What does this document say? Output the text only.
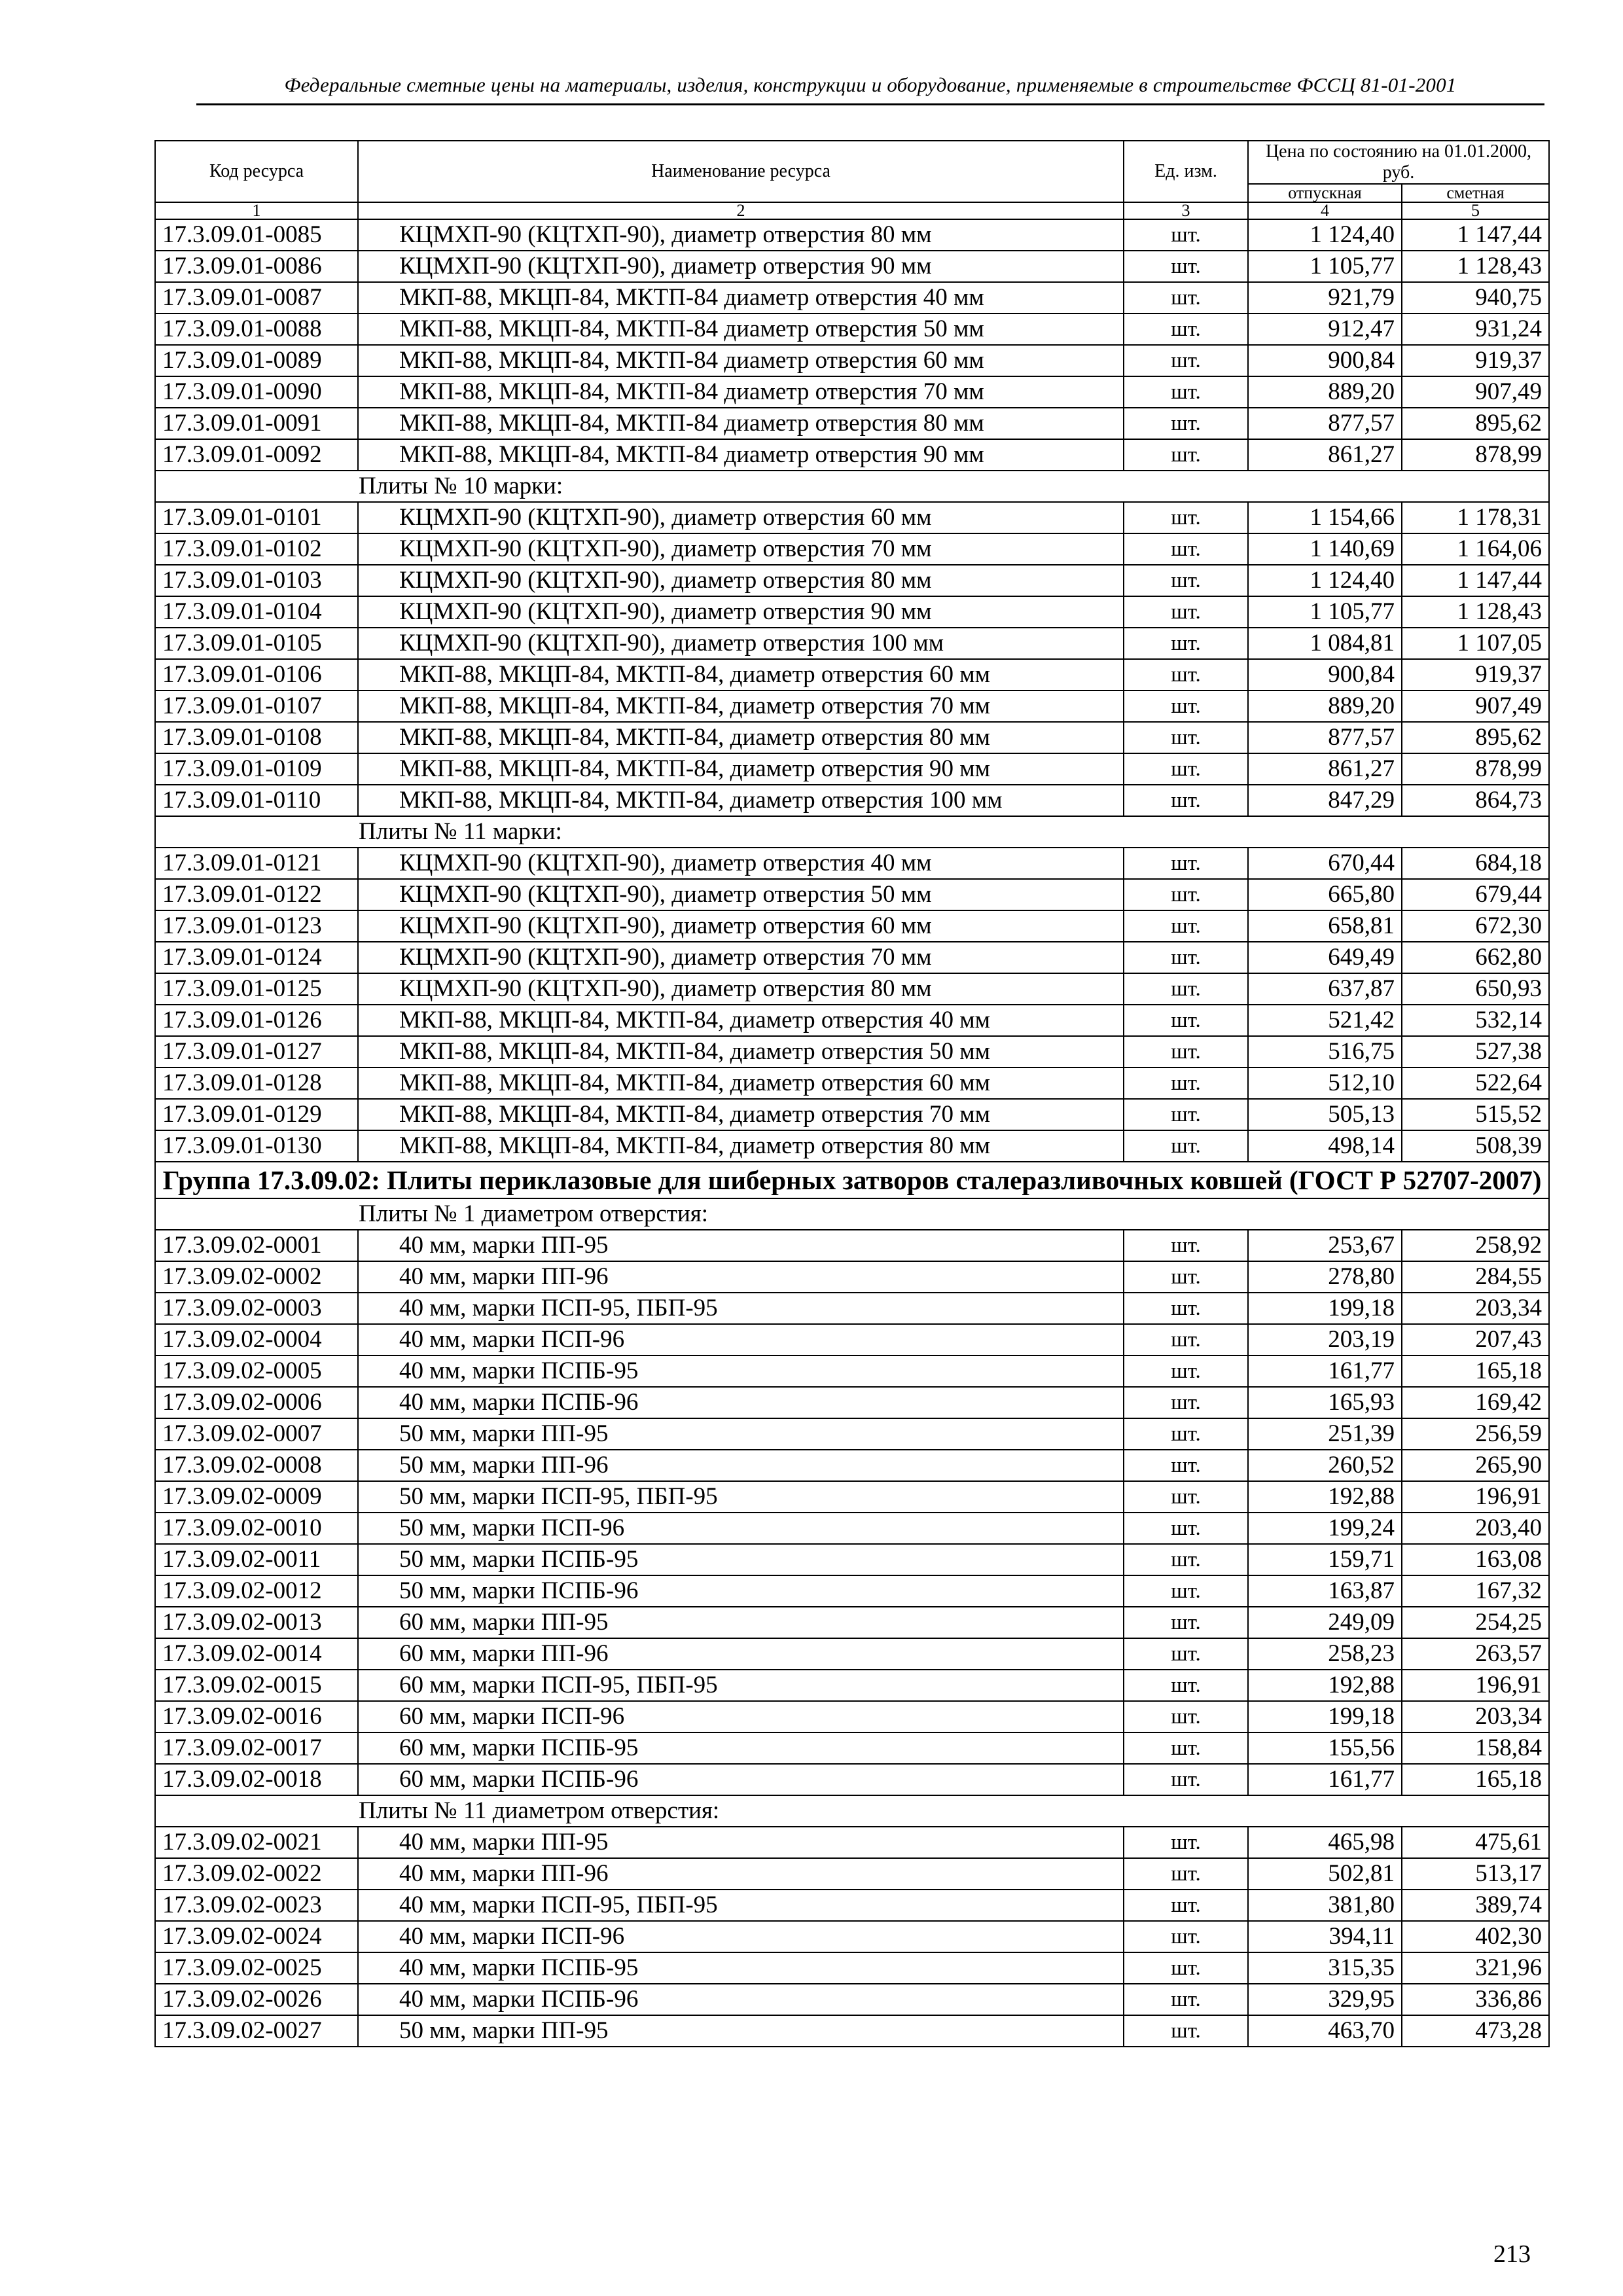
Федеральные сметные цены на материалы, изделия, конструкции и оборудование, применяемые в строительстве ФССЦ 81-01-2001
Код ресурса	Наименование ресурса	Ед. изм.	Цена по состоянию на 01.01.2000, руб.	
			отпускная	сметная
1	2	3	4	5
17.3.09.01-0085	КЦМХП-90 (КЦТХП-90), диаметр отверстия 80 мм	шт.	1 124,40	1 147,44
17.3.09.01-0086	КЦМХП-90 (КЦТХП-90), диаметр отверстия 90 мм	шт.	1 105,77	1 128,43
17.3.09.01-0087	МКП-88, МКЦП-84, МКТП-84 диаметр отверстия 40 мм	шт.	921,79	940,75
17.3.09.01-0088	МКП-88, МКЦП-84, МКТП-84 диаметр отверстия 50 мм	шт.	912,47	931,24
17.3.09.01-0089	МКП-88, МКЦП-84, МКТП-84 диаметр отверстия 60 мм	шт.	900,84	919,37
17.3.09.01-0090	МКП-88, МКЦП-84, МКТП-84 диаметр отверстия 70 мм	шт.	889,20	907,49
17.3.09.01-0091	МКП-88, МКЦП-84, МКТП-84 диаметр отверстия 80 мм	шт.	877,57	895,62
17.3.09.01-0092	МКП-88, МКЦП-84, МКТП-84 диаметр отверстия 90 мм	шт.	861,27	878,99
Плиты № 10 марки:				
17.3.09.01-0101	КЦМХП-90 (КЦТХП-90), диаметр отверстия 60 мм	шт.	1 154,66	1 178,31
17.3.09.01-0102	КЦМХП-90 (КЦТХП-90), диаметр отверстия 70 мм	шт.	1 140,69	1 164,06
17.3.09.01-0103	КЦМХП-90 (КЦТХП-90), диаметр отверстия 80 мм	шт.	1 124,40	1 147,44
17.3.09.01-0104	КЦМХП-90 (КЦТХП-90), диаметр отверстия 90 мм	шт.	1 105,77	1 128,43
17.3.09.01-0105	КЦМХП-90 (КЦТХП-90), диаметр отверстия 100 мм	шт.	1 084,81	1 107,05
17.3.09.01-0106	МКП-88, МКЦП-84, МКТП-84, диаметр отверстия 60 мм	шт.	900,84	919,37
17.3.09.01-0107	МКП-88, МКЦП-84, МКТП-84, диаметр отверстия 70 мм	шт.	889,20	907,49
17.3.09.01-0108	МКП-88, МКЦП-84, МКТП-84, диаметр отверстия 80 мм	шт.	877,57	895,62
17.3.09.01-0109	МКП-88, МКЦП-84, МКТП-84, диаметр отверстия 90 мм	шт.	861,27	878,99
17.3.09.01-0110	МКП-88, МКЦП-84, МКТП-84, диаметр отверстия 100 мм	шт.	847,29	864,73
Плиты № 11 марки:				
17.3.09.01-0121	КЦМХП-90 (КЦТХП-90), диаметр отверстия 40 мм	шт.	670,44	684,18
17.3.09.01-0122	КЦМХП-90 (КЦТХП-90), диаметр отверстия 50 мм	шт.	665,80	679,44
17.3.09.01-0123	КЦМХП-90 (КЦТХП-90), диаметр отверстия 60 мм	шт.	658,81	672,30
17.3.09.01-0124	КЦМХП-90 (КЦТХП-90), диаметр отверстия 70 мм	шт.	649,49	662,80
17.3.09.01-0125	КЦМХП-90 (КЦТХП-90), диаметр отверстия 80 мм	шт.	637,87	650,93
17.3.09.01-0126	МКП-88, МКЦП-84, МКТП-84, диаметр отверстия 40 мм	шт.	521,42	532,14
17.3.09.01-0127	МКП-88, МКЦП-84, МКТП-84, диаметр отверстия 50 мм	шт.	516,75	527,38
17.3.09.01-0128	МКП-88, МКЦП-84, МКТП-84, диаметр отверстия 60 мм	шт.	512,10	522,64
17.3.09.01-0129	МКП-88, МКЦП-84, МКТП-84, диаметр отверстия 70 мм	шт.	505,13	515,52
17.3.09.01-0130	МКП-88, МКЦП-84, МКТП-84, диаметр отверстия 80 мм	шт.	498,14	508,39
Группа 17.3.09.02: Плиты периклазовые для шиберных затворов сталеразливочных ковшей (ГОСТ Р 52707-2007)				
Плиты № 1 диаметром отверстия:				
17.3.09.02-0001	40 мм, марки ПП-95	шт.	253,67	258,92
17.3.09.02-0002	40 мм, марки ПП-96	шт.	278,80	284,55
17.3.09.02-0003	40 мм, марки ПСП-95, ПБП-95	шт.	199,18	203,34
17.3.09.02-0004	40 мм, марки ПСП-96	шт.	203,19	207,43
17.3.09.02-0005	40 мм, марки ПСПБ-95	шт.	161,77	165,18
17.3.09.02-0006	40 мм, марки ПСПБ-96	шт.	165,93	169,42
17.3.09.02-0007	50 мм, марки ПП-95	шт.	251,39	256,59
17.3.09.02-0008	50 мм, марки ПП-96	шт.	260,52	265,90
17.3.09.02-0009	50 мм, марки ПСП-95, ПБП-95	шт.	192,88	196,91
17.3.09.02-0010	50 мм, марки ПСП-96	шт.	199,24	203,40
17.3.09.02-0011	50 мм, марки ПСПБ-95	шт.	159,71	163,08
17.3.09.02-0012	50 мм, марки ПСПБ-96	шт.	163,87	167,32
17.3.09.02-0013	60 мм, марки ПП-95	шт.	249,09	254,25
17.3.09.02-0014	60 мм, марки ПП-96	шт.	258,23	263,57
17.3.09.02-0015	60 мм, марки ПСП-95, ПБП-95	шт.	192,88	196,91
17.3.09.02-0016	60 мм, марки ПСП-96	шт.	199,18	203,34
17.3.09.02-0017	60 мм, марки ПСПБ-95	шт.	155,56	158,84
17.3.09.02-0018	60 мм, марки ПСПБ-96	шт.	161,77	165,18
Плиты № 11 диаметром отверстия:				
17.3.09.02-0021	40 мм, марки ПП-95	шт.	465,98	475,61
17.3.09.02-0022	40 мм, марки ПП-96	шт.	502,81	513,17
17.3.09.02-0023	40 мм, марки ПСП-95, ПБП-95	шт.	381,80	389,74
17.3.09.02-0024	40 мм, марки ПСП-96	шт.	394,11	402,30
17.3.09.02-0025	40 мм, марки ПСПБ-95	шт.	315,35	321,96
17.3.09.02-0026	40 мм, марки ПСПБ-96	шт.	329,95	336,86
17.3.09.02-0027	50 мм, марки ПП-95	шт.	463,70	473,28
213
